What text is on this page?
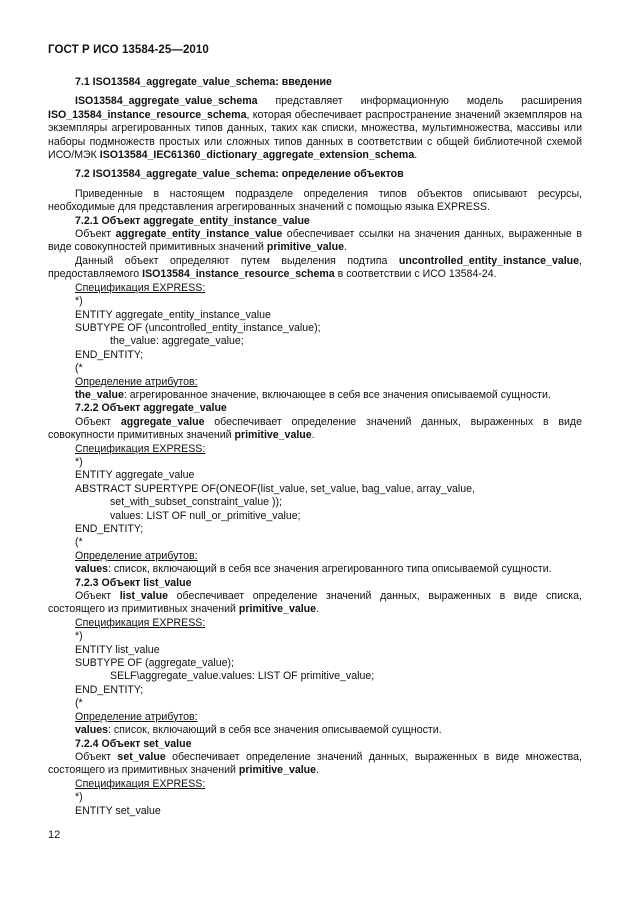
ГОСТ Р ИСО 13584-25—2010

7.1 ISO13584_aggregate_value_schema: введение

ISO13584_aggregate_value_schema представляет информационную модель расширения ISO_13584_instance_resource_schema, которая обеспечивает распространение значений экземпляров на экземпляры агрегированных типов данных, таких как списки, множества, мультимножества, массивы или наборы подмножеств простых или сложных типов данных в соответствии с общей библиотечной схемой ИСО/МЭК ISO13584_IEC61360_dictionary_aggregate_extension_schema.

7.2 ISO13584_aggregate_value_schema: определение объектов

Приведенные в настоящем подразделе определения типов объектов описывают ресурсы, необходимые для представления агрегированных значений с помощью языка EXPRESS.

7.2.1 Объект aggregate_entity_instance_value

Объект aggregate_entity_instance_value обеспечивает ссылки на значения данных, выраженные в виде совокупностей примитивных значений primitive_value.

Данный объект определяют путем выделения подтипа uncontrolled_entity_instance_value, предоставляемого ISO13584_instance_resource_schema в соответствии с ИСО 13584-24.

Спецификация EXPRESS:

*)

ENTITY aggregate_entity_instance_value

SUBTYPE OF (uncontrolled_entity_instance_value);

the_value: aggregate_value;

END_ENTITY;

(*

Определение атрибутов:

the_value: агрегированное значение, включающее в себя все значения описываемой сущности.

7.2.2 Объект aggregate_value

Объект aggregate_value обеспечивает определение значений данных, выраженных в виде совокупности примитивных значений primitive_value.

Спецификация EXPRESS:

*)

ENTITY aggregate_value

ABSTRACT SUPERTYPE OF(ONEOF(list_value, set_value, bag_value, array_value,

set_with_subset_constraint_value ));

values: LIST OF null_or_primitive_value;

END_ENTITY;

(*

Определение атрибутов:

values: список, включающий в себя все значения агрегированного типа описываемой сущности.

7.2.3 Объект list_value

Объект list_value обеспечивает определение значений данных, выраженных в виде списка, состоящего из примитивных значений primitive_value.

Спецификация EXPRESS:

*)

ENTITY list_value

SUBTYPE OF (aggregate_value);

SELF\aggregate_value.values: LIST OF primitive_value;

END_ENTITY;

(*

Определение атрибутов:

values: список, включающий в себя все значения описываемой сущности.

7.2.4 Объект set_value

Объект set_value обеспечивает определение значений данных, выраженных в виде множества, состоящего из примитивных значений primitive_value.

Спецификация EXPRESS:

*)

ENTITY set_value

12
